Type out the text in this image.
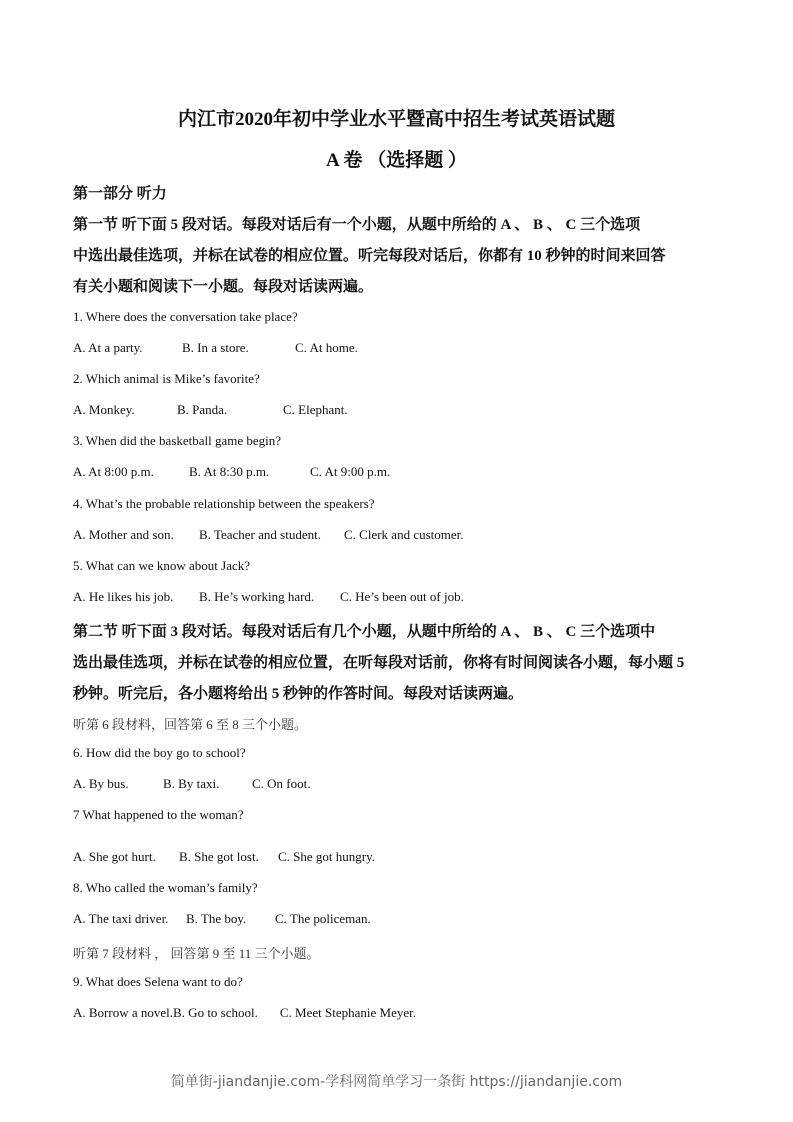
内江市2020年初中学业水平暨高中招生考试英语试题
A 卷 （选择题 ）
第一部分 听力
第一节 听下面 5 段对话。每段对话后有一个小题，从题中所给的 A 、 B 、 C 三个选项
中选出最佳选项，并标在试卷的相应位置。听完每段对话后，你都有 10 秒钟的时间来回答
有关小题和阅读下一小题。每段对话读两遍。
1. Where does the conversation take place?
A. At a party.	B. In a store.	C. At home.
2. Which animal is Mike’s favorite?
A. Monkey.	B. Panda.	C. Elephant.
3. When did the basketball game begin?
A. At 8:00 p.m.	B. At 8:30 p.m.	C. At 9:00 p.m.
4. What’s the probable relationship between the speakers?
A. Mother and son. B. Teacher and student. C. Clerk and customer.
5. What can we know about Jack?
A. He likes his job. B. He’s working hard. C. He’s been out of job.
第二节 听下面 3 段对话。每段对话后有几个小题，从题中所给的 A 、 B 、 C 三个选项中
选出最佳选项，并标在试卷的相应位置，在听每段对话前，你将有时间阅读各小题，每小题 5
秒钟。听完后，各小题将给出 5 秒钟的作答时间。每段对话读两遍。
听第 6 段材料，回答第 6 至 8 三个小题。
6. How did the boy go to school?
A. By bus.	B. By taxi.	C. On foot.
7 What happened to the woman?
A. She got hurt. B. She got lost. C. She got hungry.
8. Who called the woman’s family?
A. The taxi driver. B. The boy. C. The policeman.
听第 7 段材料 ， 回答第 9 至 11 三个小题。
9. What does Selena want to do?
A. Borrow a novel.B. Go to school. C. Meet Stephanie Meyer.
简单街-jiandanjie.com-学科网简单学习一条街 https://jiandanjie.com
